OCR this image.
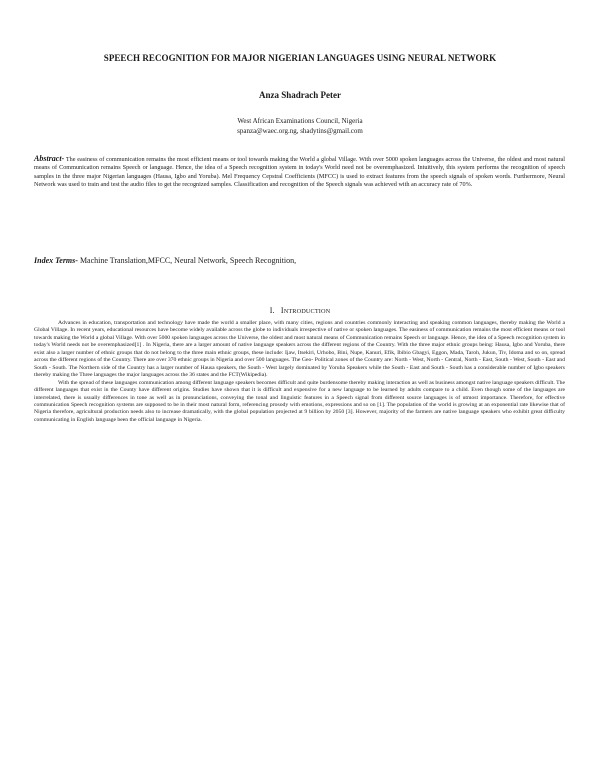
SPEECH RECOGNITION FOR MAJOR NIGERIAN LANGUAGES USING NEURAL NETWORK
Anza Shadrach Peter
West African Examinations Council, Nigeria
spanza@waec.org.ng, shadytins@gmail.com
Abstract- The easiness of communication remains the most efficient means or tool towards making the World a global Village. With over 5000 spoken languages across the Universe, the oldest and most natural means of Communication remains Speech or language. Hence, the idea of a Speech recognition system in today's World need not be overemphasized. Intuitively, this system performs the recognition of speech samples in the three major Nigerian languages (Hausa, Igbo and Yoruba). Mel Frequency Cepstral Coefficients (MFCC) is used to extract features from the speech signals of spoken words. Furthermore, Neural Network was used to train and test the audio files to get the recognized samples. Classification and recognition of the Speech signals was achieved with an accuracy rate of 70%.
Index Terms- Machine Translation,MFCC, Neural Network, Speech Recognition,
I. INTRODUCTION

Advances in education, transportation and technology have made the world a smaller place, with many cities, regions and countries commonly interacting and speaking common languages, thereby making the World a Global Village. In recent years, educational resources have become widely available across the globe to individuals irrespective of native or spoken languages. The easiness of communication remains the most efficient means or tool towards making the World a global Village. With over 5000 spoken languages across the Universe, the oldest and most natural means of Communication remains Speech or language. Hence, the idea of a Speech recognition system in today's World needs not be overemphasized[1] . In Nigeria, there are a larger amount of native language speakers across the different regions of the Country. With the three major ethnic groups being: Hausa, Igbo and Yoruba, there exist also a larger number of ethnic groups that do not belong to the three main ethnic groups, these include: Ijaw, Itsekiri, Urhobo, Bini, Nupe, Kanuri, Efik, Ibibio Gbagyi, Eggon, Mada, Taroh, Jukun, Tiv, Idoma and so on, spread across the different regions of the Country. There are over 370 ethnic groups in Nigeria and over 500 languages. The Geo- Political zones of the Country are: North - West, North - Central, North - East, South - West, South - East and South - South. The Northern side of the Country has a larger number of Hausa speakers, the South - West largely dominated by Yoruba Speakers while the South - East and South - South has a considerable number of Igbo speakers thereby making the Three languages the major languages across the 36 states and the FCT(Wikipedia).

With the spread of these languages communication among different language speakers becomes difficult and quite burdensome thereby making interaction as well as business amongst native language speakers difficult. The different languages that exist in the County have different origins. Studies have shown that it is difficult and expensive for a new language to be learned by adults compare to a child. Even though some of the languages are interrelated, there is usually differences in tone as well as in pronunciations, conveying the tonal and linguistic features in a Speech signal from different source languages is of utmost importance. Therefore, for effective communication Speech recognition systems are supposed to be in their most natural form, referencing prosody with emotions, expressions and so on [1]. The population of the world is growing at an exponential rate likewise that of Nigeria therefore, agricultural production needs also to increase dramatically, with the global population projected at 9 billion by 2050 [3]. However, majority of the farmers are native language speakers who exhibit great difficulty communicating in English language been the official language in Nigeria.
